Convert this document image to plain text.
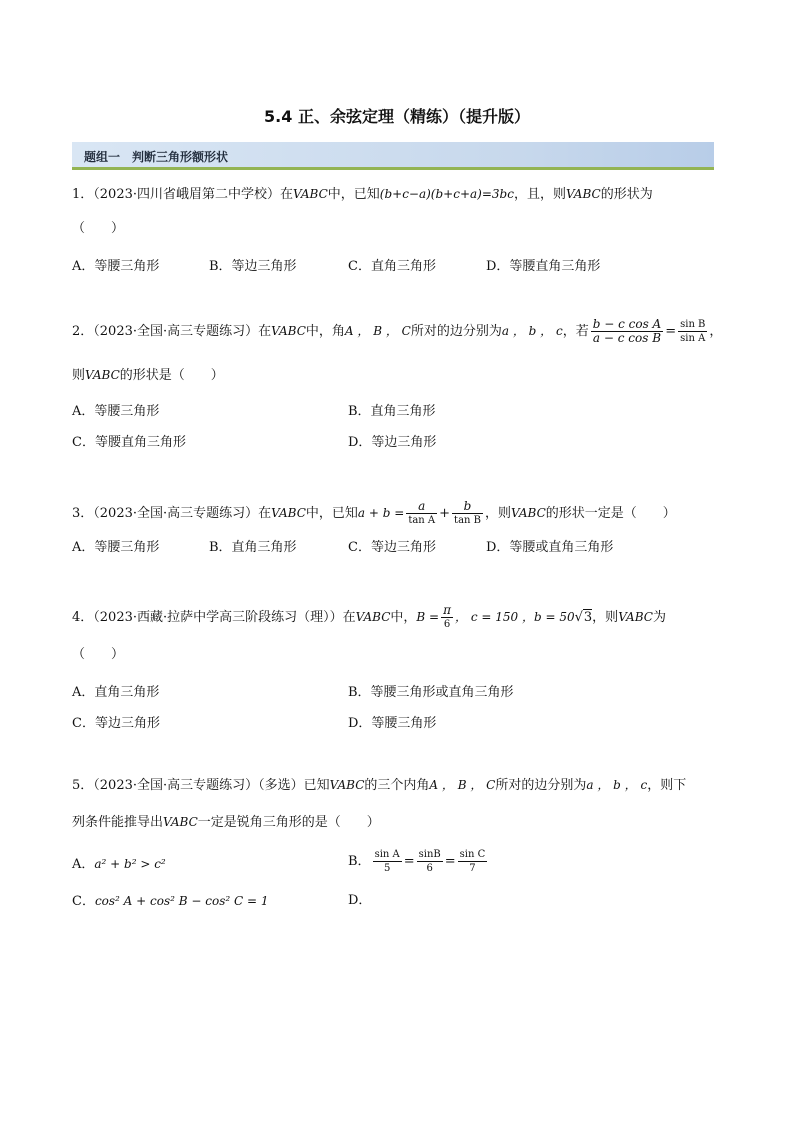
5.4 正、余弦定理（精练）（提升版）
题组一　判断三角形额形状
1．（2023·四川省峨眉第二中学校）在VABC中，已知(b+c−a)(b+c+a)=3bc，且，则VABC的形状为
（　　）
A．等腰三角形	B．等边三角形	C．直角三角形	D．等腰直角三角形
2．（2023·全国·高三专题练习）在VABC中，角A ， B ， C所对的边分别为a ， b ， c，若 $\frac{\text{b − c cos A}}{\text{a − c cos B}} = \frac{\text{sin B}}{\text{sin A}}$ ，
则VABC的形状是（　　）
A．等腰三角形	B．直角三角形
C．等腰直角三角形	D．等边三角形
3．（2023·全国·高三专题练习）在VABC中，已知$a + b = \frac{a}{\text{tan A}} + \frac{b}{\text{tan B}}$ ，则VABC的形状一定是（　　）
A．等腰三角形	B．直角三角形	C．等边三角形	D．等腰或直角三角形
4．（2023·西藏·拉萨中学高三阶段练习（理））在VABC中，$B = \frac{\pi}{6}$ ， c = 150 ，b = 50√3，则VABC为
（　　）
A．直角三角形	B．等腰三角形或直角三角形
C．等边三角形	D．等腰三角形
5．（2023·全国·高三专题练习）（多选）已知VABC的三个内角A ， B ， C所对的边分别为a ， b ， c，则下
列条件能推导出VABC一定是锐角三角形的是（　　）
A．a² + b² > c²	B． $\frac{\text{sin A}}{5} = \frac{\sin B}{6} = \frac{\text{sin C}}{7}$
C．cos² A + cos² B − cos² C = 1	D．
